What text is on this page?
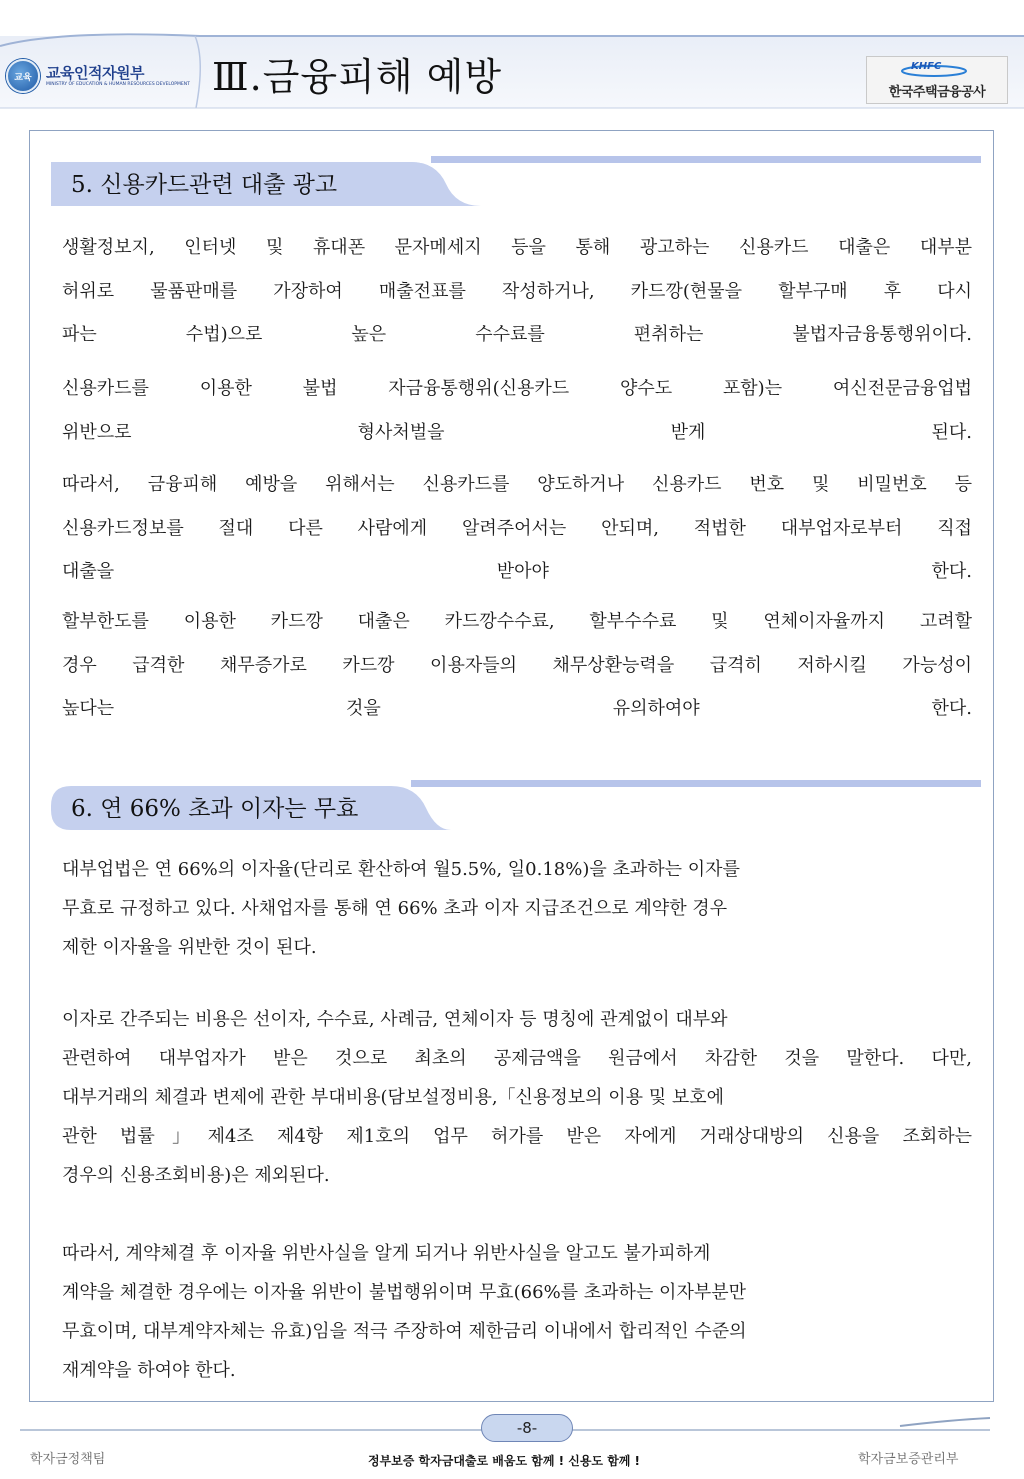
교육 교육인적자원부
MINISTRY OF EDUCATION & HUMAN RESOURCES DEVELOPMENT Ⅲ.금융피해 예방	KHFC
한국주택금융공사
5. 신용카드관련 대출 광고

생활정보지, 인터넷 및 휴대폰 문자메세지 등을 통해 광고하는 신용카드 대출은 대부분
허위로 물품판매를 가장하여 매출전표를 작성하거나, 카드깡(현물을 할부구매 후 다시
파는 수법)으로 높은 수수료를 편취하는 불법자금융통행위이다.

신용카드를 이용한 불법 자금융통행위(신용카드 양수도 포함)는 여신전문금융업법
위반으로 형사처벌을 받게 된다.

따라서, 금융피해 예방을 위해서는 신용카드를 양도하거나 신용카드 번호 및 비밀번호 등
신용카드정보를 절대 다른 사람에게 알려주어서는 안되며, 적법한 대부업자로부터 직접
대출을 받아야 한다.

할부한도를 이용한 카드깡 대출은 카드깡수수료, 할부수수료 및 연체이자율까지 고려할
경우 급격한 채무증가로 카드깡 이용자들의 채무상환능력을 급격히 저하시킬 가능성이
높다는 것을 유의하여야 한다.

6. 연 66% 초과 이자는 무효

대부업법은 연 66%의 이자율(단리로 환산하여 월5.5%, 일0.18%)을 초과하는 이자를
무효로 규정하고 있다. 사채업자를 통해 연 66% 초과 이자 지급조건으로 계약한 경우
제한 이자율을 위반한 것이 된다.

이자로 간주되는 비용은 선이자, 수수료, 사례금, 연체이자 등 명칭에 관계없이 대부와
관련하여 대부업자가 받은 것으로 최초의 공제금액을 원금에서 차감한 것을 말한다. 다만,
대부거래의 체결과 변제에 관한 부대비용(담보설정비용,「신용정보의 이용 및 보호에
관한 법률」제4조 제4항 제1호의 업무 허가를 받은 자에게 거래상대방의 신용을 조회하는
경우의 신용조회비용)은 제외된다.

따라서, 계약체결 후 이자율 위반사실을 알게 되거나 위반사실을 알고도 불가피하게
계약을 체결한 경우에는 이자율 위반이 불법행위이며 무효(66%를 초과하는 이자부분만
무효이며, 대부계약자체는 유효)임을 적극 주장하여 제한금리 이내에서 합리적인 수준의
재계약을 하여야 한다.

-8-
학자금정책팀	정부보증 학자금대출로 배움도 함께 ! 신용도 함께 !	학자금보증관리부
